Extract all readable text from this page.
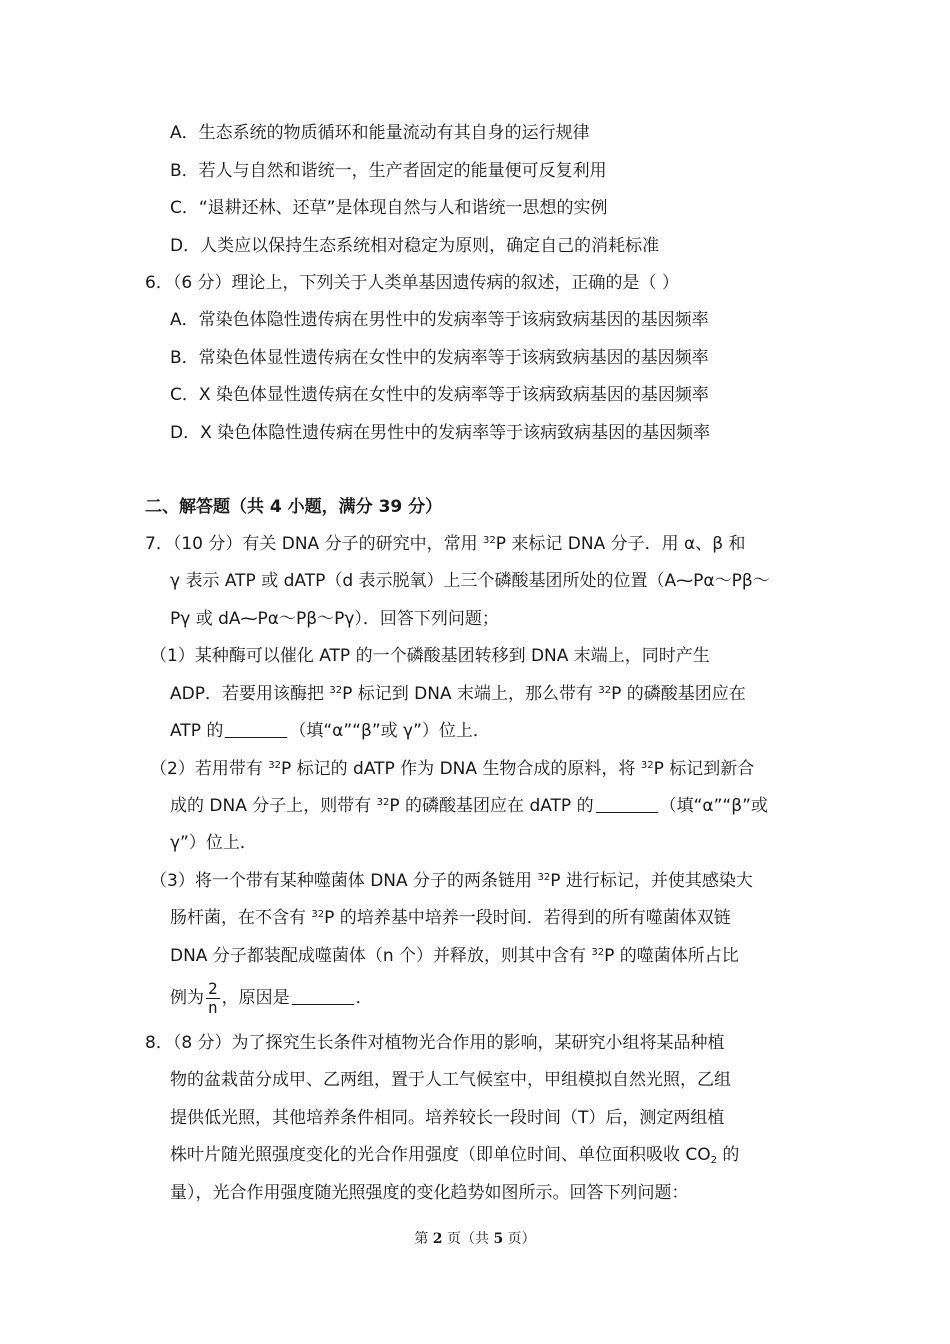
A．生态系统的物质循环和能量流动有其自身的运行规律
B．若人与自然和谐统一，生产者固定的能量便可反复利用
C．“退耕还林、还草”是体现自然与人和谐统一思想的实例
D．人类应以保持生态系统相对稳定为原则，确定自己的消耗标准
6．（6 分）理论上，下列关于人类单基因遗传病的叙述，正确的是（ ）
A．常染色体隐性遗传病在男性中的发病率等于该病致病基因的基因频率
B．常染色体显性遗传病在女性中的发病率等于该病致病基因的基因频率
C．X 染色体显性遗传病在女性中的发病率等于该病致病基因的基因频率
D．X 染色体隐性遗传病在男性中的发病率等于该病致病基因的基因频率
二、解答题（共 4 小题，满分 39 分）
7．（10 分）有关 DNA 分子的研究中，常用 $^{32}$P 来标记 DNA 分子．用 α、β 和
γ 表示 ATP 或 dATP（d 表示脱氧）上三个磷酸基团所处的位置（A⁓Pα～Pβ～
Pγ 或 dA⁓Pα～Pβ～Pγ）．回答下列问题；
（1）某种酶可以催化 ATP 的一个磷酸基团转移到 DNA 末端上，同时产生
ADP．若要用该酶把 $^{32}$P 标记到 DNA 末端上，那么带有 $^{32}$P 的磷酸基团应在
ATP 的	（填“α”“β”或 γ”）位上．
（2）若用带有 $^{32}$P 标记的 dATP 作为 DNA 生物合成的原料，将 $^{32}$P 标记到新合
成的 DNA 分子上，则带有 $^{32}$P 的磷酸基团应在 dATP 的	（填“α”“β”或
γ”）位上．
（3）将一个带有某种噬菌体 DNA 分子的两条链用 $^{32}$P 进行标记，并使其感染大
肠杆菌，在不含有 $^{32}$P 的培养基中培养一段时间．若得到的所有噬菌体双链
DNA 分子都装配成噬菌体（n 个）并释放，则其中含有 $^{32}$P 的噬菌体所占比
例为 $\frac{2}{n}$ ，原因是	．
8．（8 分）为了探究生长条件对植物光合作用的影响，某研究小组将某品种植
物的盆栽苗分成甲、乙两组，置于人工气候室中，甲组模拟自然光照，乙组
提供低光照，其他培养条件相同。培养较长一段时间（T）后，测定两组植
株叶片随光照强度变化的光合作用强度（即单位时间、单位面积吸收 $CO_2$ 的
量），光合作用强度随光照强度的变化趋势如图所示。回答下列问题：
第 2 页（共 5 页）
